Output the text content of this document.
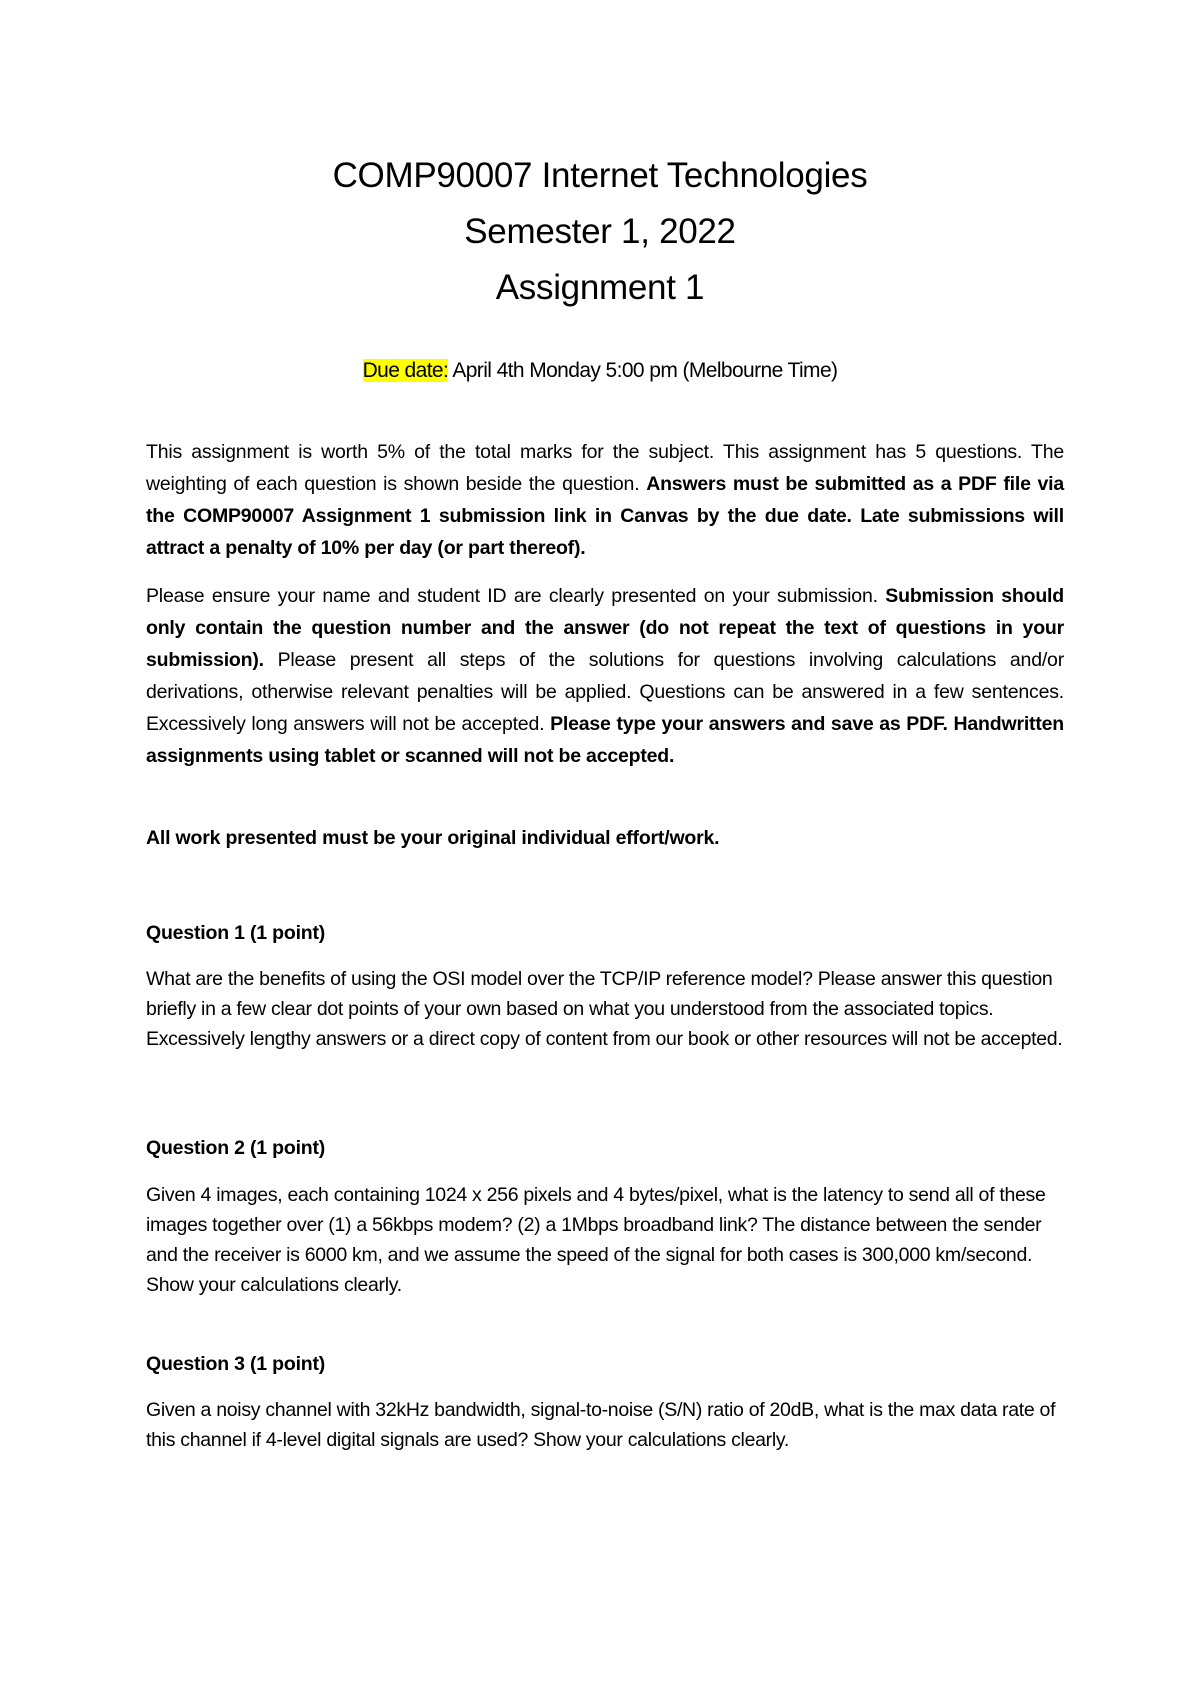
COMP90007 Internet Technologies
Semester 1, 2022
Assignment 1
Due date: April 4th Monday 5:00 pm (Melbourne Time)
This assignment is worth 5% of the total marks for the subject. This assignment has 5 questions. The weighting of each question is shown beside the question. Answers must be submitted as a PDF file via the COMP90007 Assignment 1 submission link in Canvas by the due date. Late submissions will attract a penalty of 10% per day (or part thereof).
Please ensure your name and student ID are clearly presented on your submission. Submission should only contain the question number and the answer (do not repeat the text of questions in your submission). Please present all steps of the solutions for questions involving calculations and/or derivations, otherwise relevant penalties will be applied. Questions can be answered in a few sentences. Excessively long answers will not be accepted. Please type your answers and save as PDF. Handwritten assignments using tablet or scanned will not be accepted.
All work presented must be your original individual effort/work.
Question 1 (1 point)
What are the benefits of using the OSI model over the TCP/IP reference model? Please answer this question briefly in a few clear dot points of your own based on what you understood from the associated topics. Excessively lengthy answers or a direct copy of content from our book or other resources will not be accepted.
Question 2 (1 point)
Given 4 images, each containing 1024 x 256 pixels and 4 bytes/pixel, what is the latency to send all of these images together over (1) a 56kbps modem? (2) a 1Mbps broadband link? The distance between the sender and the receiver is 6000 km, and we assume the speed of the signal for both cases is 300,000 km/second. Show your calculations clearly.
Question 3 (1 point)
Given a noisy channel with 32kHz bandwidth, signal-to-noise (S/N) ratio of 20dB, what is the max data rate of this channel if 4-level digital signals are used? Show your calculations clearly.
